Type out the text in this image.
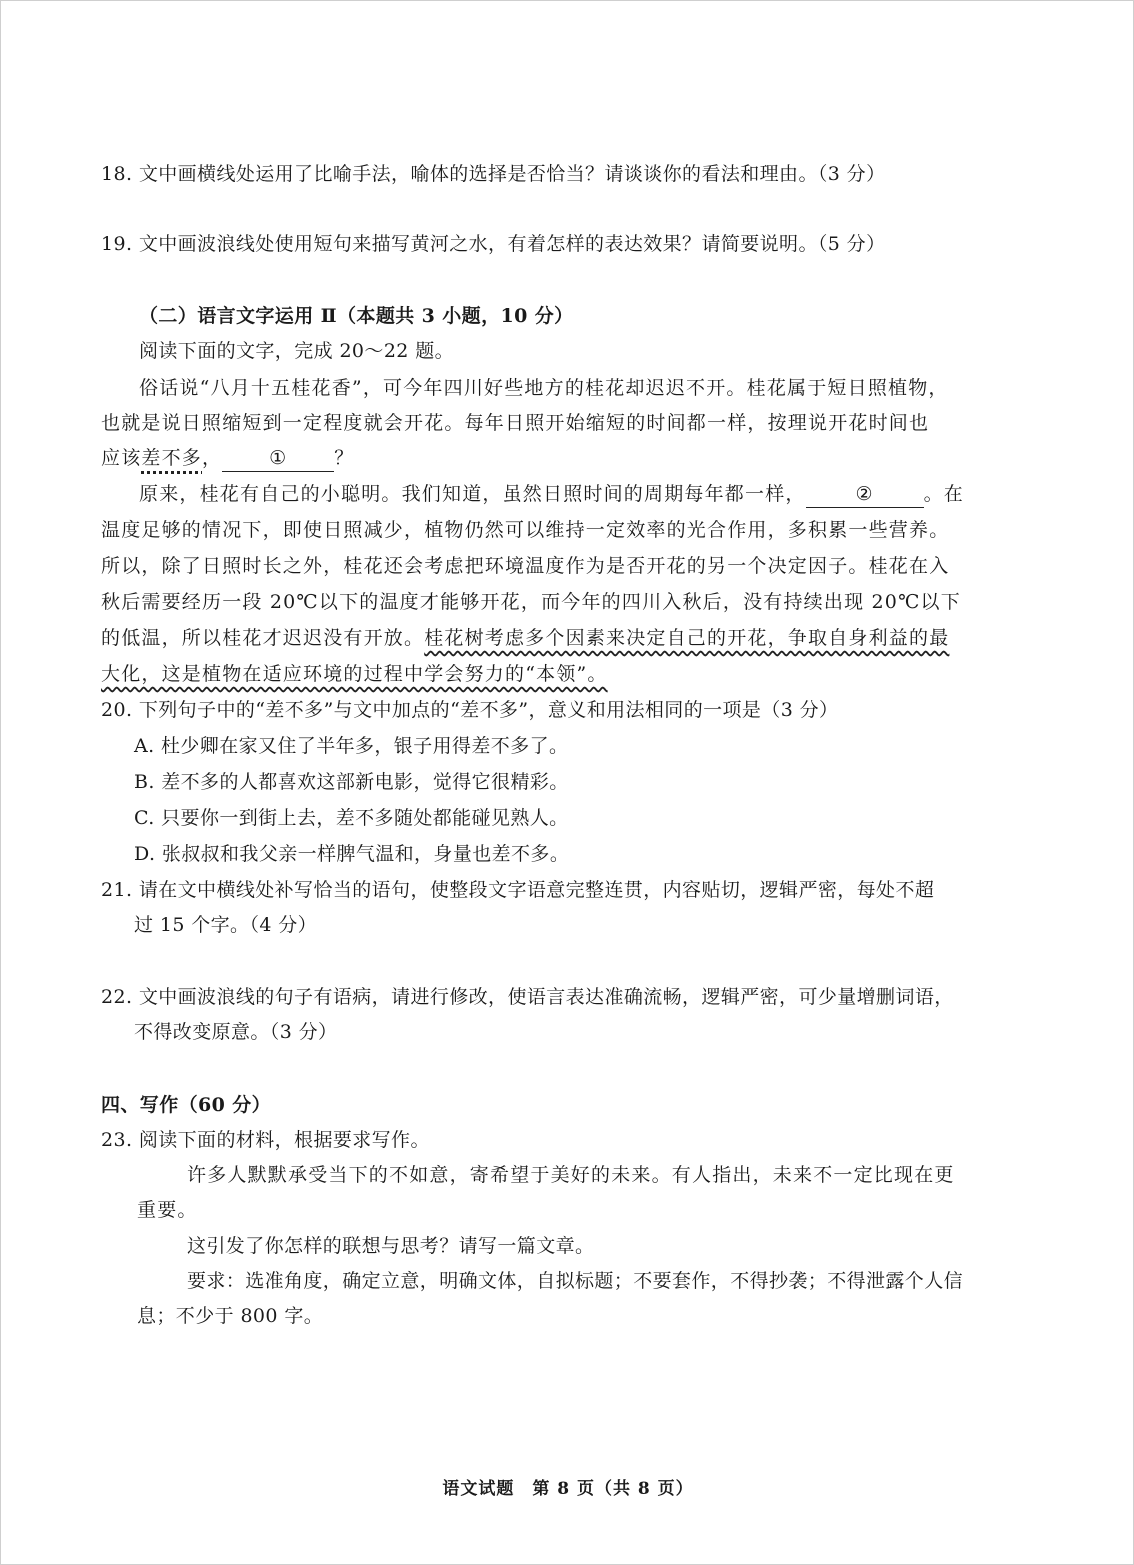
18. 文中画横线处运用了比喻手法，喻体的选择是否恰当？请谈谈你的看法和理由。（3 分）
19. 文中画波浪线处使用短句来描写黄河之水，有着怎样的表达效果？请简要说明。（5 分）
（二）语言文字运用 Ⅱ（本题共 3 小题，10 分）
阅读下面的文字，完成 20～22 题。
俗话说“八月十五桂花香”，可今年四川好些地方的桂花却迟迟不开。桂花属于短日照植物，
也就是说日照缩短到一定程度就会开花。每年日照开始缩短的时间都一样，按理说开花时间也
应该差不多， ① ？
原来，桂花有自己的小聪明。我们知道，虽然日照时间的周期每年都一样，	②	。在
温度足够的情况下，即使日照减少，植物仍然可以维持一定效率的光合作用，多积累一些营养。
所以，除了日照时长之外，桂花还会考虑把环境温度作为是否开花的另一个决定因子。桂花在入
秋后需要经历一段 20℃以下的温度才能够开花，而今年的四川入秋后，没有持续出现 20℃以下
的低温，所以桂花才迟迟没有开放。桂花树考虑多个因素来决定自己的开花，争取自身利益的最
大化，这是植物在适应环境的过程中学会努力的“本领”。
20. 下列句子中的“差不多”与文中加点的“差不多”，意义和用法相同的一项是（3 分）
A. 杜少卿在家又住了半年多，银子用得差不多了。
B. 差不多的人都喜欢这部新电影，觉得它很精彩。
C. 只要你一到街上去，差不多随处都能碰见熟人。
D. 张叔叔和我父亲一样脾气温和，身量也差不多。
21. 请在文中横线处补写恰当的语句，使整段文字语意完整连贯，内容贴切，逻辑严密，每处不超
过 15 个字。（4 分）
22. 文中画波浪线的句子有语病，请进行修改，使语言表达准确流畅，逻辑严密，可少量增删词语，
不得改变原意。（3 分）
四、写作（60 分）
23. 阅读下面的材料，根据要求写作。
许多人默默承受当下的不如意，寄希望于美好的未来。有人指出，未来不一定比现在更
重要。
这引发了你怎样的联想与思考？请写一篇文章。
要求：选准角度，确定立意，明确文体，自拟标题；不要套作，不得抄袭；不得泄露个人信
息；不少于 800 字。
语文试题　第 8 页（共 8 页）
